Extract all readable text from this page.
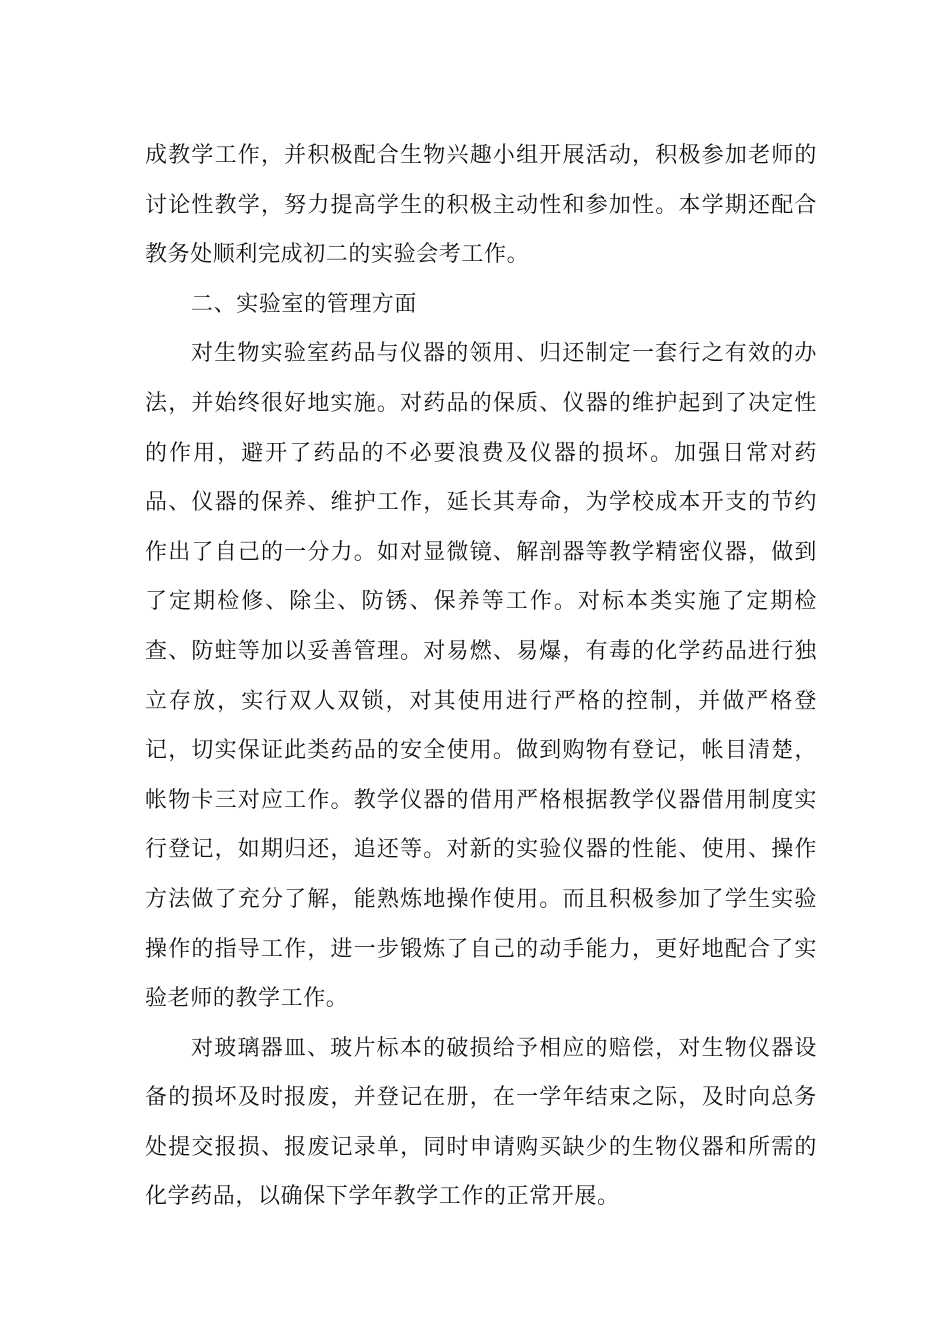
成教学工作，并积极配合生物兴趣小组开展活动，积极参加老师的讨论性教学，努力提高学生的积极主动性和参加性。本学期还配合教务处顺利完成初二的实验会考工作。

二、实验室的管理方面

对生物实验室药品与仪器的领用、归还制定一套行之有效的办法，并始终很好地实施。对药品的保质、仪器的维护起到了决定性的作用，避开了药品的不必要浪费及仪器的损坏。加强日常对药品、仪器的保养、维护工作，延长其寿命，为学校成本开支的节约作出了自己的一分力。如对显微镜、解剖器等教学精密仪器，做到了定期检修、除尘、防锈、保养等工作。对标本类实施了定期检查、防蛀等加以妥善管理。对易燃、易爆，有毒的化学药品进行独立存放，实行双人双锁，对其使用进行严格的控制，并做严格登记，切实保证此类药品的安全使用。做到购物有登记，帐目清楚，帐物卡三对应工作。教学仪器的借用严格根据教学仪器借用制度实行登记，如期归还，追还等。对新的实验仪器的性能、使用、操作方法做了充分了解，能熟炼地操作使用。而且积极参加了学生实验操作的指导工作，进一步锻炼了自己的动手能力，更好地配合了实验老师的教学工作。

对玻璃器皿、玻片标本的破损给予相应的赔偿，对生物仪器设备的损坏及时报废，并登记在册，在一学年结束之际，及时向总务处提交报损、报废记录单，同时申请购买缺少的生物仪器和所需的化学药品，以确保下学年教学工作的正常开展。
